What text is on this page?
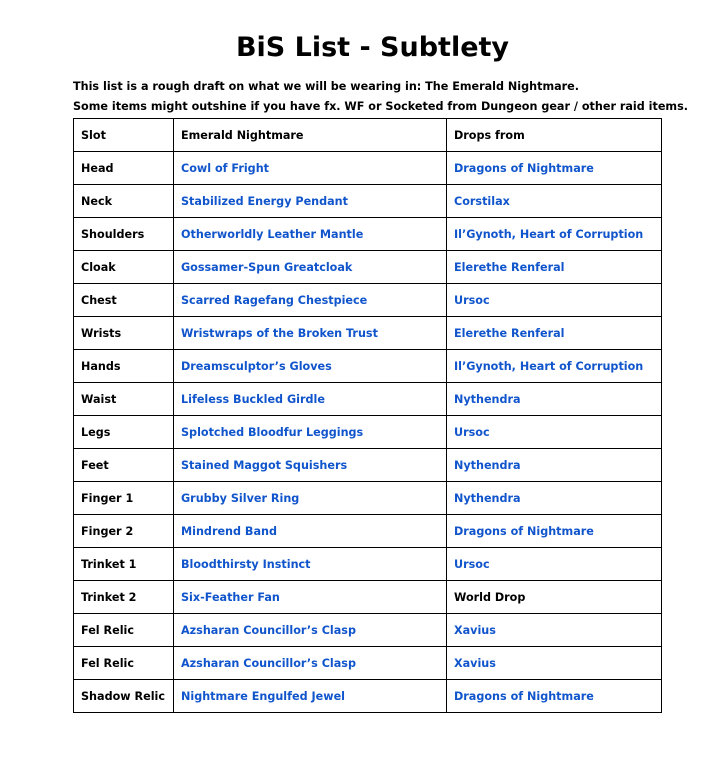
BiS List - Subtlety
This list is a rough draft on what we will be wearing in: The Emerald Nightmare.
Some items might outshine if you have fx. WF or Socketed from Dungeon gear / other raid items.
Slot	Emerald Nightmare	Drops from
Head	Cowl of Fright	Dragons of Nightmare
Neck	Stabilized Energy Pendant	Corstilax
Shoulders	Otherworldly Leather Mantle	Il’Gynoth, Heart of Corruption
Cloak	Gossamer-Spun Greatcloak	Elerethe Renferal
Chest	Scarred Ragefang Chestpiece	Ursoc
Wrists	Wristwraps of the Broken Trust	Elerethe Renferal
Hands	Dreamsculptor’s Gloves	Il’Gynoth, Heart of Corruption
Waist	Lifeless Buckled Girdle	Nythendra
Legs	Splotched Bloodfur Leggings	Ursoc
Feet	Stained Maggot Squishers	Nythendra
Finger 1	Grubby Silver Ring	Nythendra
Finger 2	Mindrend Band	Dragons of Nightmare
Trinket 1	Bloodthirsty Instinct	Ursoc
Trinket 2	Six-Feather Fan	World Drop
Fel Relic	Azsharan Councillor’s Clasp	Xavius
Fel Relic	Azsharan Councillor’s Clasp	Xavius
Shadow Relic	Nightmare Engulfed Jewel	Dragons of Nightmare
